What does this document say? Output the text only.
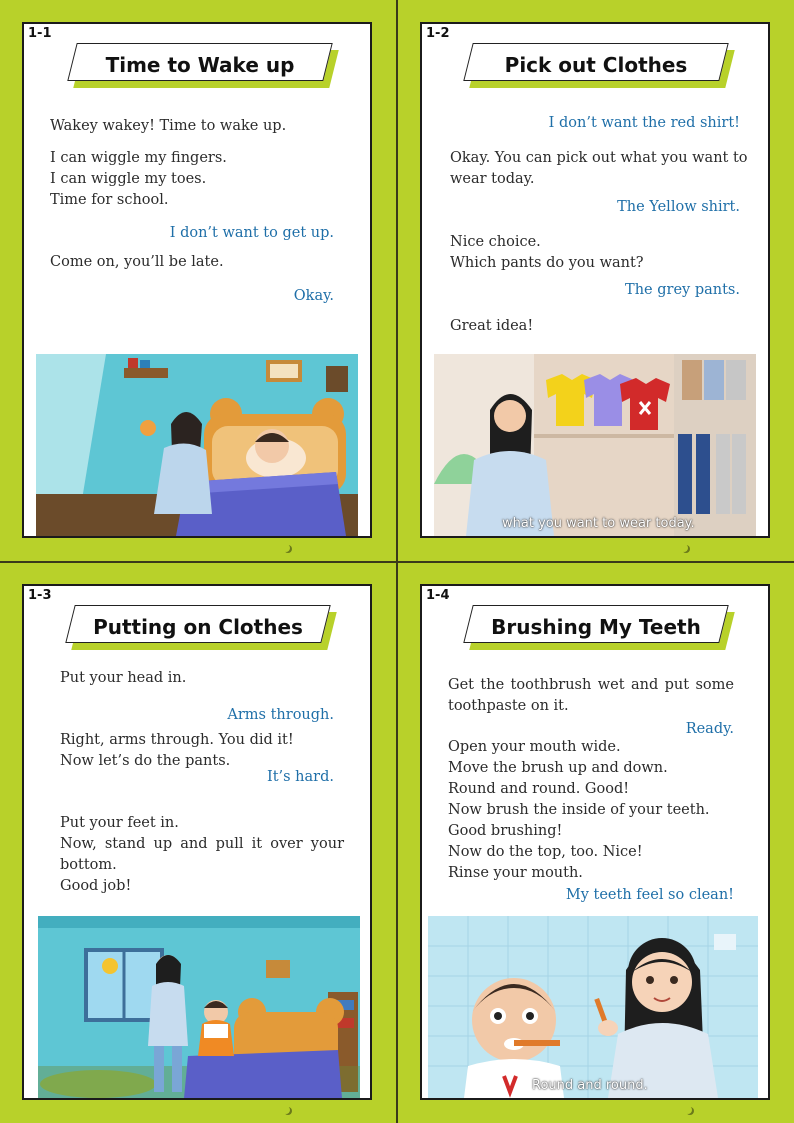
1-1
Time to Wake up
Wakey wakey! Time to wake up.
I can wiggle my fingers.
I can wiggle my toes.
Time for school.
I don’t want to get up.
Come on, you’ll be late.
Okay.
1-2
Pick out Clothes
I don’t want the red shirt!
Okay. You can pick out what you want to
wear today.
The Yellow shirt.
Nice choice.
Which pants do you want?
The grey pants.
Great idea!
what you want to wear today.
1-3
Putting on Clothes
Put your head in.
Arms through.
Right, arms through. You did it!
Now let’s do the pants.
It’s hard.
Put your feet in.
Now, stand up and pull it over your
bottom.
Good job!
1-4
Brushing My Teeth
Get the toothbrush wet and put some
toothpaste on it.
Ready.
Open your mouth wide.
Move the brush up and down.
Round and round. Good!
Now brush the inside of your teeth.
Good brushing!
Now do the top, too. Nice!
Rinse your mouth.
My teeth feel so clean!
Round and round.
